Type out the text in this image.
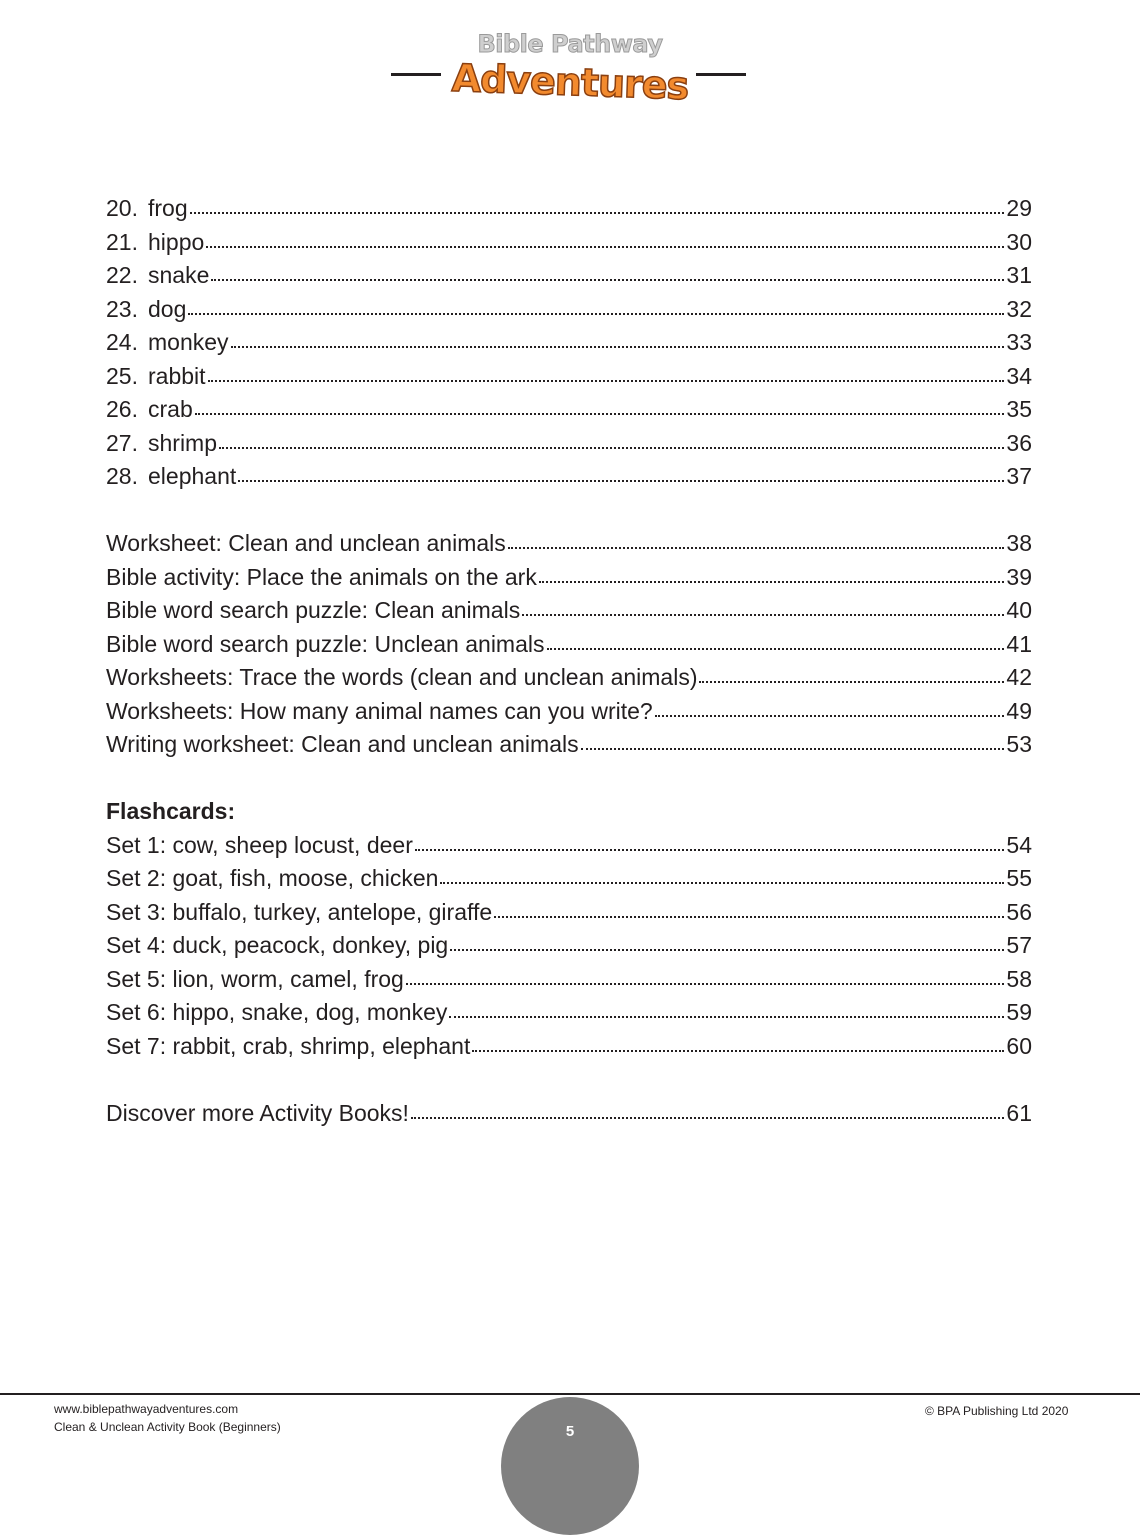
Bible Pathway
Adventures
20. frog	29
21. hippo	30
22. snake	31
23. dog	32
24. monkey	33
25. rabbit	34
26. crab	35
27. shrimp	36
28. elephant	37
Worksheet: Clean and unclean animals	38
Bible activity: Place the animals on the ark	39
Bible word search puzzle: Clean animals	40
Bible word search puzzle: Unclean animals	41
Worksheets: Trace the words (clean and unclean animals)	42
Worksheets: How many animal names can you write?	49
Writing worksheet: Clean and unclean animals	53
Flashcards:
Set 1: cow, sheep locust, deer	54
Set 2: goat, fish, moose, chicken	55
Set 3: buffalo, turkey, antelope, giraffe	56
Set 4: duck, peacock, donkey, pig	57
Set 5: lion, worm, camel, frog	58
Set 6: hippo, snake, dog, monkey	59
Set 7: rabbit, crab, shrimp, elephant	60
Discover more Activity Books!	61
www.biblepathwayadventures.com
Clean & Unclean Activity Book (Beginners)
© BPA Publishing Ltd 2020
5
